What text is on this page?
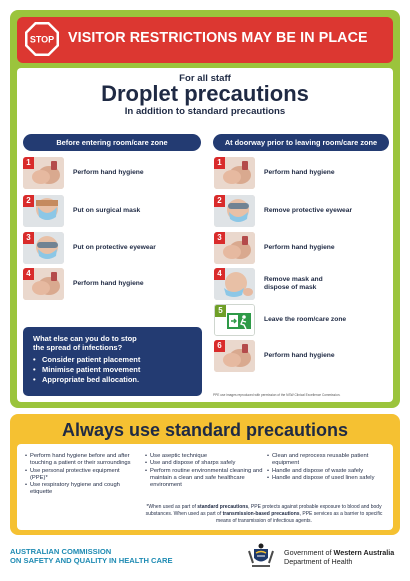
STOP VISITOR RESTRICTIONS MAY BE IN PLACE
For all staff
Droplet precautions
In addition to standard precautions
Before entering room/care zone	At doorway prior to leaving room/care zone
1
Perform hand hygiene
2
Put on surgical mask
3
Put on protective eyewear
4
Perform hand hygiene
1
Perform hand hygiene
2
Remove protective eyewear
3
Perform hand hygiene
4
Remove mask and
dispose of mask
5
Leave the room/care zone
6
Perform hand hygiene
What else can you do to stop
the spread of infections?
• Consider patient placement
• Minimise patient movement
• Appropriate bed allocation.
PPE use images reproduced with permission of the NSW Clinical Excellence Commission.
Always use standard precautions
• Perform hand hygiene before and after touching a patient or their surroundings
• Use personal protective equipment (PPE)*
• Use respiratory hygiene and cough etiquette
• Use aseptic technique
• Use and dispose of sharps safely
• Perform routine environmental cleaning and maintain a clean and safe healthcare environment
• Clean and reprocess reusable patient equipment
• Handle and dispose of waste safely
• Handle and dispose of used linen safely
*When used as part of standard precautions, PPE protects against probable exposure to blood and body substances. When used as part of transmission-based precautions, PPE services as a barrier to specific means of transmission of infectious agents.
AUSTRALIAN COMMISSION
ON SAFETY AND QUALITY IN HEALTH CARE
Government of Western Australia
Department of Health
